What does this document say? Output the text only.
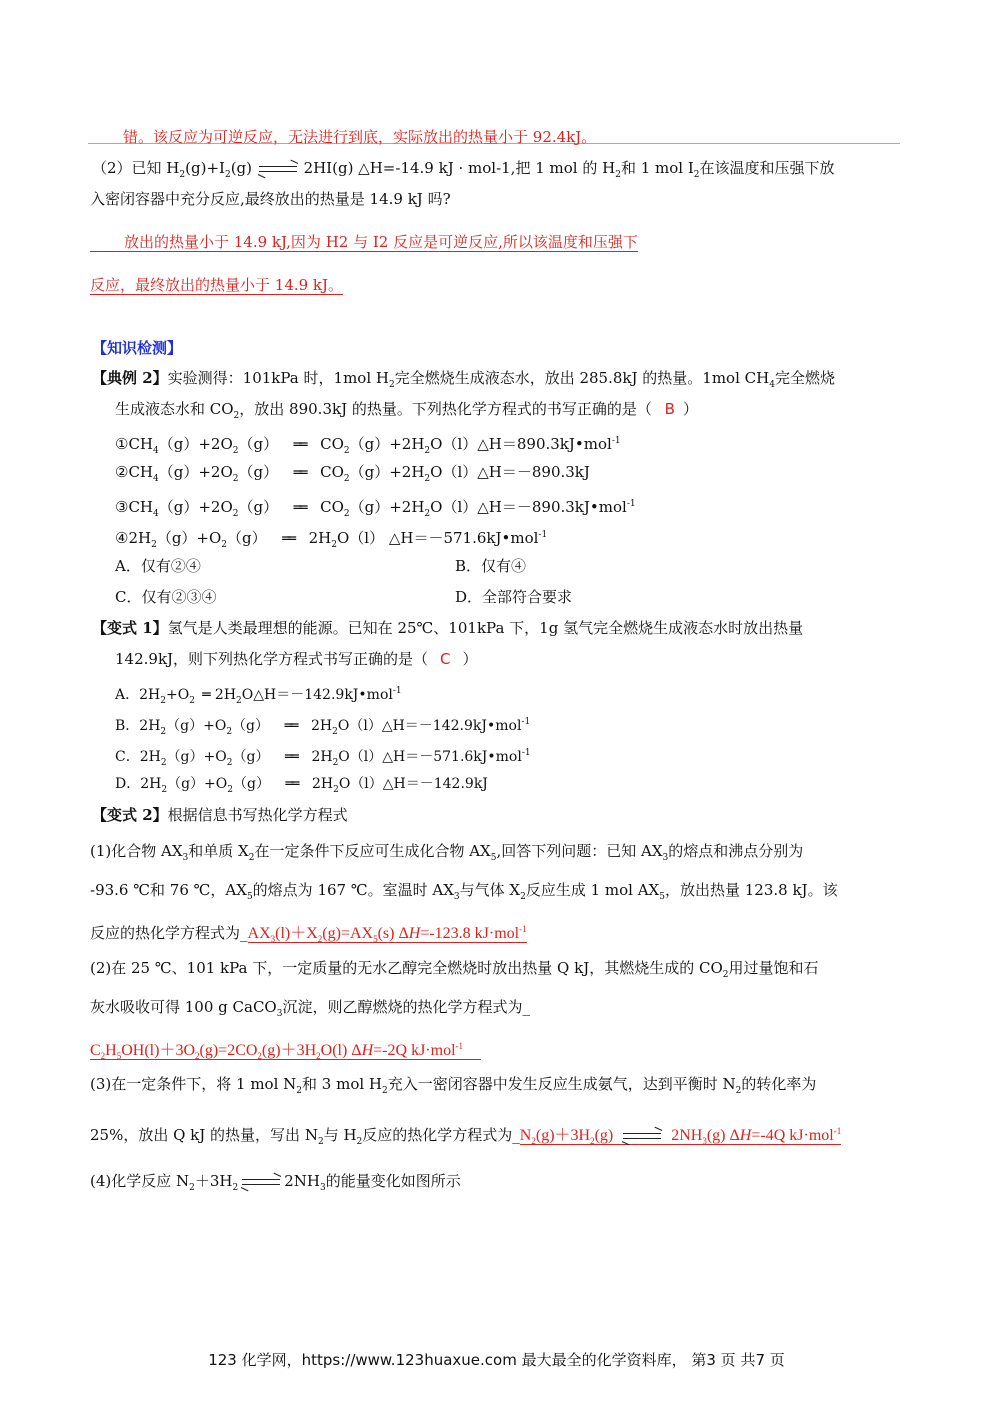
错。该反应为可逆反应，无法进行到底，实际放出的热量小于 92.4kJ。
（2）已知 $H_2(g)+I_2(g)$	2HI(g) △H=-14.9 kJ · mol-1,把 1 mol 的 $H_2$和 1 mol $I_2$在该温度和压强下放
入密闭容器中充分反应,最终放出的热量是 14.9 kJ 吗?
放出的热量小于 14.9 kJ,因为 H2 与 I2 反应是可逆反应,所以该温度和压强下
反应，最终放出的热量小于 14.9 kJ。
【知识检测】
【典例 2】实验测得：101kPa 时，1mol $H_2$完全燃烧生成液态水，放出 285.8kJ 的热量。1mol $CH_4$完全燃烧
生成液态水和 $CO_2$，放出 890.3kJ 的热量。下列热化学方程式的书写正确的是（ B ）
$①CH_4(g)+2O_2(g)$ ══ $CO_2(g)+2H_2O(l)\triangle H=890.3kJ•mol^{-1}$
$②CH_4(g)+2O_2(g)$ ══ $CO_2(g)+2H_2O(l)\triangle H=-890.3kJ$
$③CH_4(g)+2O_2(g)$ ══ $CO_2(g)+2H_2O(l)\triangle H=-890.3kJ•mol^{-1}$
$④2H_2(g)+O_2(g)$ ══ $2H_2O(l)$ △H＝－571.6kJ•mol$^{-1}$
A．仅有②④	B．仅有④
C．仅有②③④	D．全部符合要求
【变式 1】氢气是人类最理想的能源。已知在 25℃、101kPa 下，1g 氢气完全燃烧生成液态水时放出热量
142.9kJ，则下列热化学方程式书写正确的是（ C ）
A．$2H_2+O_2$ ═ $2H_2O\triangle H=-142.9kJ•mol^{-1}$
B．$2H_2(g)+O_2(g)$ ══ $2H_2O(l)\triangle H=-142.9kJ•mol^{-1}$
C．$2H_2(g)+O_2(g)$ ══ $2H_2O(l)\triangle H=-571.6kJ•mol^{-1}$
D．$2H_2(g)+O_2(g)$ ══ $2H_2O(l)\triangle H=-142.9kJ$
【变式 2】根据信息书写热化学方程式
(1)化合物 $AX_3$和单质 $X_2$在一定条件下反应可生成化合物 $AX_5$,回答下列问题：已知 $AX_3$的熔点和沸点分别为
-93.6 ℃和 76 ℃，$AX_5$的熔点为 167 ℃。室温时 $AX_3$与气体 $X_2$反应生成 1 mol $AX_5$，放出热量 123.8 kJ。该
反应的热化学方程式为$\_AX_3(l)+X_2(g)=AX_5(s)$ ΔH=-123.8 kJ·mol$^{-1}$
(2)在 25 ℃、101 kPa 下，一定质量的无水乙醇完全燃烧时放出热量 Q kJ，其燃烧生成的 $CO_2$用过量饱和石
灰水吸收可得 100 g CaCO$_3$沉淀，则乙醇燃烧的热化学方程式为_
$C_2H_5OH(l)+3O_2(g)=2CO_2(g)+3H_2O(l)$ ΔH=-2Q kJ·mol$^{-1}$
(3)在一定条件下，将 1 mol $N_2$和 3 mol $H_2$充入一密闭容器中发生反应生成氨气，达到平衡时 $N_2$的转化率为
25%，放出 Q kJ 的热量，写出 $N_2$与 $H_2$反应的热化学方程式为$\_N_2(g)+3H_2(g)$	$2NH_3(g)$ ΔH=-4Q kJ·mol$^{-1}$
(4)化学反应 $N_2+3H_2$	$2NH_3$的能量变化如图所示
123 化学网，https://www.123huaxue.com 最大最全的化学资料库， 第3 页 共7 页
